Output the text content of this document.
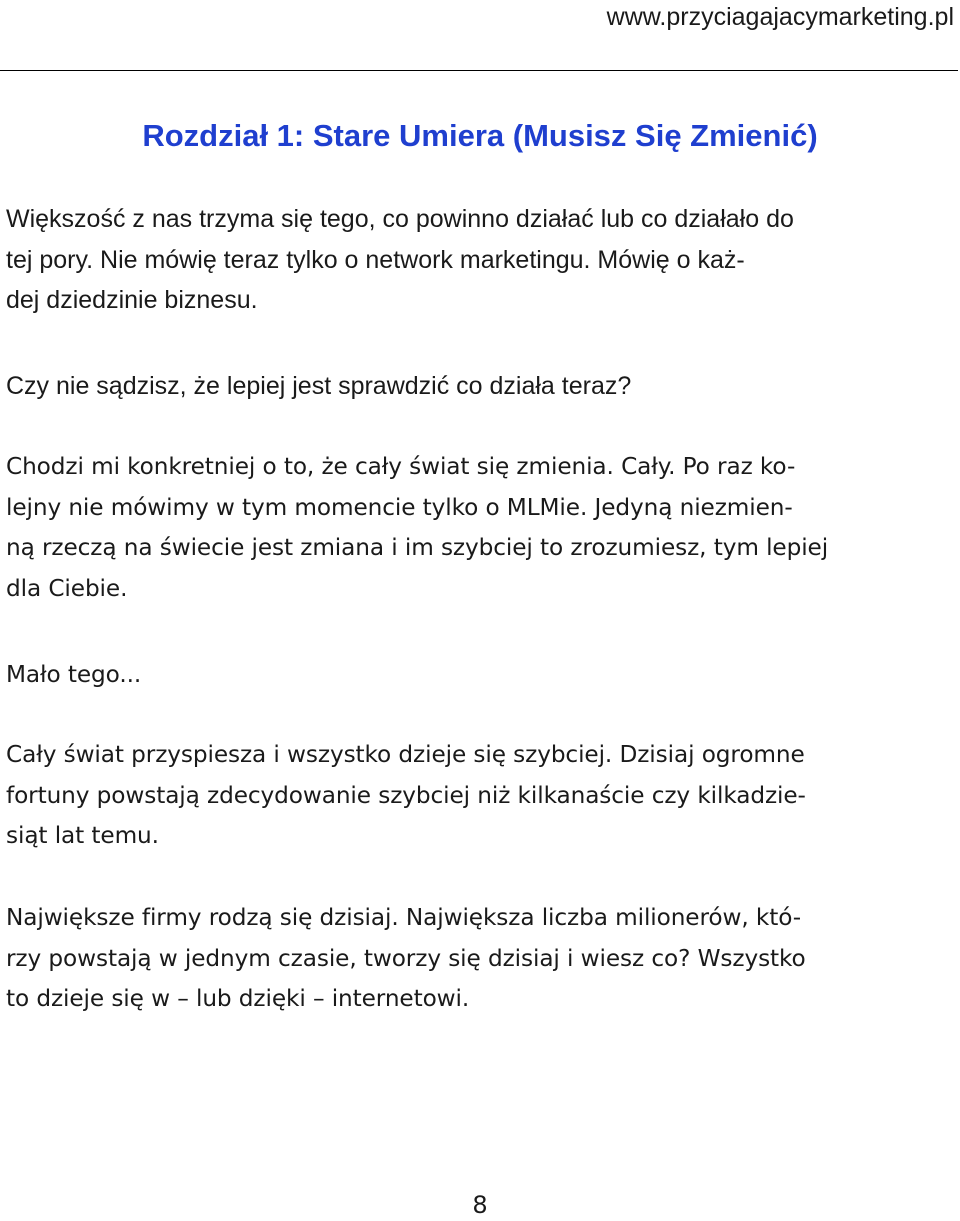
www.przyciagajacymarketing.pl
Rozdział 1: Stare Umiera (Musisz Się Zmienić)

Większość z nas trzyma się tego, co powinno działać lub co działało do
tej pory. Nie mówię teraz tylko o network marketingu. Mówię o każ-
dej dziedzinie biznesu.

Czy nie sądzisz, że lepiej jest sprawdzić co działa teraz?

Chodzi mi konkretniej o to, że cały świat się zmienia. Cały. Po raz ko-
lejny nie mówimy w tym momencie tylko o MLMie. Jedyną niezmien-
ną rzeczą na świecie jest zmiana i im szybciej to zrozumiesz, tym lepiej
dla Ciebie.

Mało tego...

Cały świat przyspiesza i wszystko dzieje się szybciej. Dzisiaj ogromne
fortuny powstają zdecydowanie szybciej niż kilkanaście czy kilkadzie-
siąt lat temu.

Największe firmy rodzą się dzisiaj. Największa liczba milionerów, któ-
rzy powstają w jednym czasie, tworzy się dzisiaj i wiesz co? Wszystko
to dzieje się w – lub dzięki – internetowi.

8
